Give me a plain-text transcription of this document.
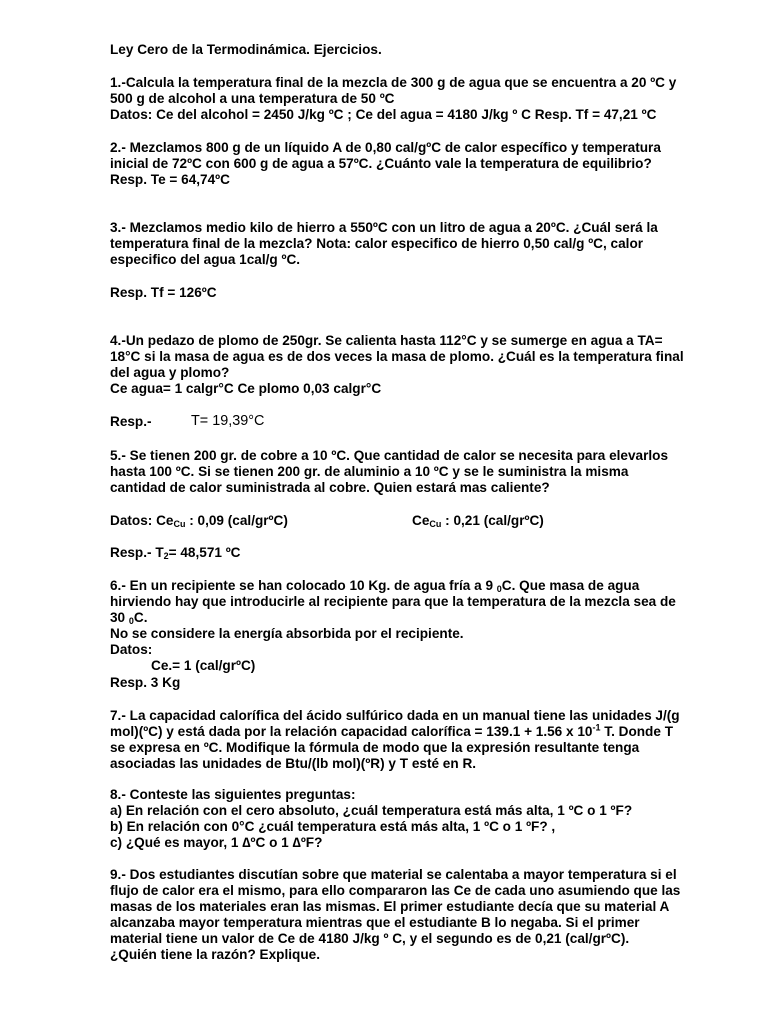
Ley Cero de la Termodinámica. Ejercicios.
1.-Calcula la temperatura final de la mezcla de 300 g de agua que se encuentra a 20 ºC y
500 g de alcohol a una temperatura de 50 ºC
Datos: Ce del alcohol = 2450 J/kg ºC ; Ce del agua = 4180 J/kg º C Resp. Tf = 47,21 ºC
2.- Mezclamos 800 g de un líquido A de 0,80 cal/gºC de calor específico y temperatura
inicial de 72ºC con 600 g de agua a 57ºC. ¿Cuánto vale la temperatura de equilibrio?
Resp. Te = 64,74ºC
3.- Mezclamos medio kilo de hierro a 550ºC con un litro de agua a 20ºC. ¿Cuál será la
temperatura final de la mezcla? Nota: calor especifico de hierro 0,50 cal/g ºC, calor
especifico del agua 1cal/g ºC.
Resp. Tf = 126ºC
4.-Un pedazo de plomo de 250gr. Se calienta hasta 112°C y se sumerge en agua a TA=
18°C si la masa de agua es de dos veces la masa de plomo. ¿Cuál es la temperatura final
del agua y plomo?
Ce agua= 1 calgr°C Ce plomo 0,03 calgr°C
Resp.-	T= 19,39°C
5.- Se tienen 200 gr. de cobre a 10 ºC. Que cantidad de calor se necesita para elevarlos
hasta 100 ºC. Si se tienen 200 gr. de aluminio a 10 ºC y se le suministra la misma
cantidad de calor suministrada al cobre. Quien estará mas caliente?
Datos: CeCu : 0,09 (cal/grºC)	CeCu : 0,21 (cal/grºC)
Resp.- T2= 48,571 ºC
6.- En un recipiente se han colocado 10 Kg. de agua fría a 9 0C. Que masa de agua
hirviendo hay que introducirle al recipiente para que la temperatura de la mezcla sea de
30 0C.
No se considere la energía absorbida por el recipiente.
Datos:
Ce.= 1 (cal/grºC)
Resp. 3 Kg
7.- La capacidad calorífica del ácido sulfúrico dada en un manual tiene las unidades J/(g
mol)(ºC) y está dada por la relación capacidad calorífica = 139.1 + 1.56 x $10^{-1}$ T. Donde T
se expresa en ºC. Modifique la fórmula de modo que la expresión resultante tenga
asociadas las unidades de Btu/(lb mol)(ºR) y T esté en R.
8.- Conteste las siguientes preguntas:
a) En relación con el cero absoluto, ¿cuál temperatura está más alta, 1 ºC o 1 ºF?
b) En relación con 0°C ¿cuál temperatura está más alta, 1 ºC o 1 ºF? ,
c) ¿Qué es mayor, 1 ∆ºC o 1 ∆ºF?
9.- Dos estudiantes discutían sobre que material se calentaba a mayor temperatura si el
flujo de calor era el mismo, para ello compararon las Ce de cada uno asumiendo que las
masas de los materiales eran las mismas. El primer estudiante decía que su material A
alcanzaba mayor temperatura mientras que el estudiante B lo negaba. Si el primer
material tiene un valor de Ce de 4180 J/kg º C, y el segundo es de 0,21 (cal/grºC).
¿Quién tiene la razón? Explique.
